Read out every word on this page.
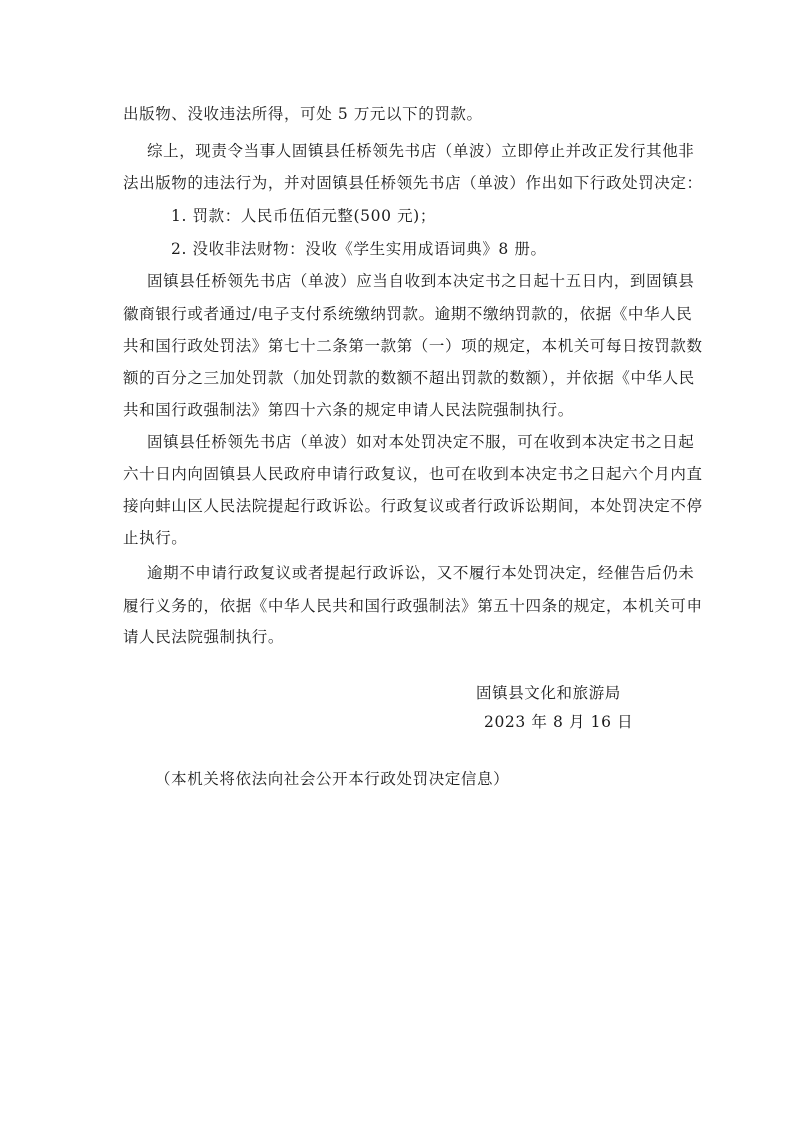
出版物、没收违法所得，可处 5 万元以下的罚款。
综上，现责令当事人固镇县任桥领先书店（单波）立即停止并改正发行其他非
法出版物的违法行为，并对固镇县任桥领先书店（单波）作出如下行政处罚决定：
1. 罚款：人民币伍佰元整(500 元)；
2. 没收非法财物：没收《学生实用成语词典》8 册。
固镇县任桥领先书店（单波）应当自收到本决定书之日起十五日内，到固镇县
徽商银行或者通过/电子支付系统缴纳罚款。逾期不缴纳罚款的，依据《中华人民
共和国行政处罚法》第七十二条第一款第（一）项的规定，本机关可每日按罚款数
额的百分之三加处罚款（加处罚款的数额不超出罚款的数额），并依据《中华人民
共和国行政强制法》第四十六条的规定申请人民法院强制执行。
固镇县任桥领先书店（单波）如对本处罚决定不服，可在收到本决定书之日起
六十日内向固镇县人民政府申请行政复议，也可在收到本决定书之日起六个月内直
接向蚌山区人民法院提起行政诉讼。行政复议或者行政诉讼期间，本处罚决定不停
止执行。
逾期不申请行政复议或者提起行政诉讼，又不履行本处罚决定，经催告后仍未
履行义务的，依据《中华人民共和国行政强制法》第五十四条的规定，本机关可申
请人民法院强制执行。
固镇县文化和旅游局
2023 年 8 月 16 日
（本机关将依法向社会公开本行政处罚决定信息）
